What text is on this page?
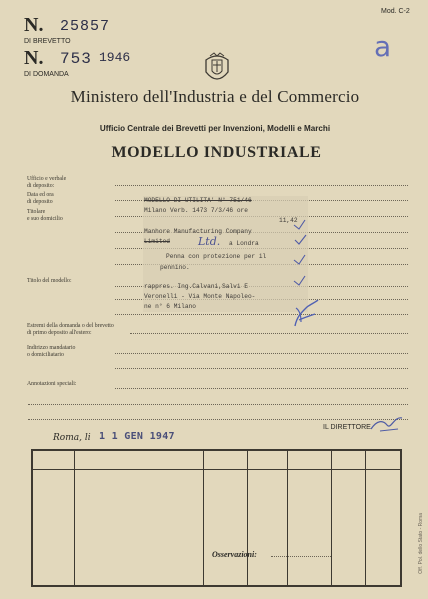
N. 25857
DI BREVETTO
N. 753 1946
DI DOMANDA
Mod. C-2
a
Ministero dell'Industria e del Commercio
Ufficio Centrale dei Brevetti per Invenzioni, Modelli e Marchi
MODELLO INDUSTRIALE
Ufficio e verbale
di deposito:
Data ed ora
di deposito
Titolare
e suo domicilio
Titolo del modello:
Estremi della domanda o del brevetto
di primo deposito all'estero:
Indirizzo mandatario
o domiciliatario
Annotazioni speciali:
MODELLO DI UTILITA' N° 751/46
Milano Verb. 1473 7/3/46 ore
11,42
Manhore Manufacturing Company
Limited	Ltd. a Londra
Penna con protezione per il
pennino.
rappres. Ing.Calvani,Salvi E
Veronelli - Via Monte Napoleo-
ne n° 6 Milano
Roma, li 1 1 GEN 1947
IL DIRETTORE
Osservazioni:	Off. Pol. dello Stato - Roma
